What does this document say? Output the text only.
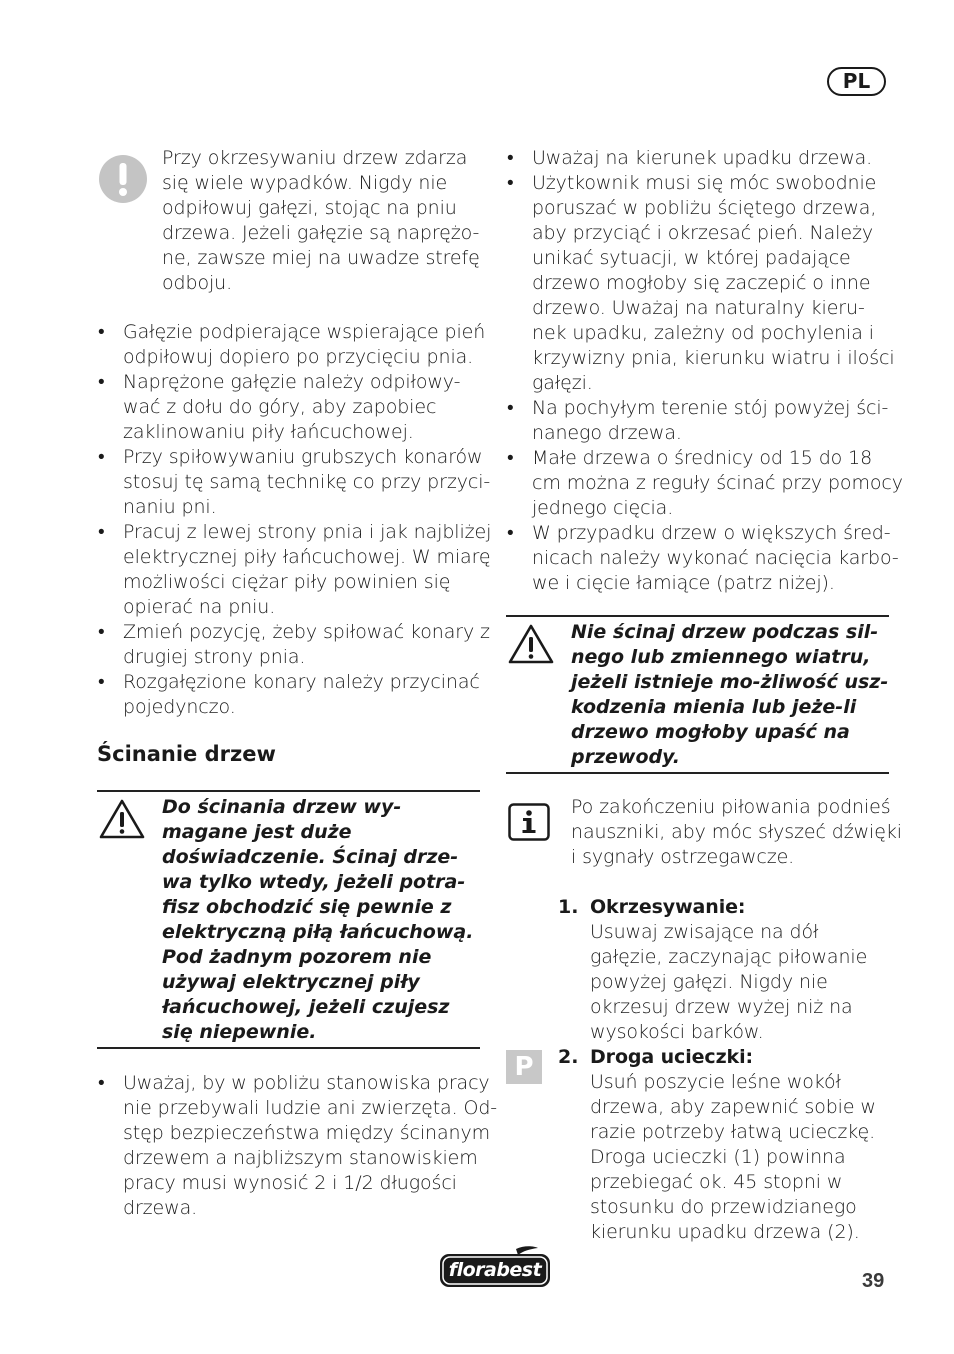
PL
Przy okrzesywaniu drzew zdarza
się wiele wypadków. Nigdy nie
odpiłowuj gałęzi, stojąc na pniu
drzewa. Jeżeli gałęzie są naprężo-
ne, zawsze miej na uwadze strefę
odboju.
• Gałęzie podpierające wspierające pień
odpiłowuj dopiero po przycięciu pnia.
• Naprężone gałęzie należy odpiłowy-
wać z dołu do góry, aby zapobiec
zaklinowaniu piły łańcuchowej.
• Przy spiłowywaniu grubszych konarów
stosuj tę samą technikę co przy przyci-
naniu pni.
• Pracuj z lewej strony pnia i jak najbliżej
elektrycznej piły łańcuchowej. W miarę
możliwości ciężar piły powinien się
opierać na pniu.
• Zmień pozycję, żeby spiłować konary z
drugiej strony pnia.
• Rozgałęzione konary należy przycinać
pojedynczo.
Ścinanie drzew
Do ścinania drzew wy-
magane jest duże
doświadczenie. Ścinaj drze-
wa tylko wtedy, jeżeli potra-
fisz obchodzić się pewnie z
elektryczną piłą łańcuchową.
Pod żadnym pozorem nie
używaj elektrycznej piły
łańcuchowej, jeżeli czujesz
się niepewnie.
• Uważaj, by w pobliżu stanowiska pracy
nie przebywali ludzie ani zwierzęta. Od-
stęp bezpieczeństwa między ścinanym
drzewem a najbliższym stanowiskiem
pracy musi wynosić 2 i 1/2 długości
drzewa.
• Uważaj na kierunek upadku drzewa.
• Użytkownik musi się móc swobodnie
poruszać w pobliżu ściętego drzewa,
aby przyciąć i okrzesać pień. Należy
unikać sytuacji, w której padające
drzewo mogłoby się zaczepić o inne
drzewo. Uważaj na naturalny kieru-
nek upadku, zależny od pochylenia i
krzywizny pnia, kierunku wiatru i ilości
gałęzi.
• Na pochyłym terenie stój powyżej ści-
nanego drzewa.
• Małe drzewa o średnicy od 15 do 18
cm można z reguły ścinać przy pomocy
jednego cięcia.
• W przypadku drzew o większych śred-
nicach należy wykonać nacięcia karbo-
we i cięcie łamiące (patrz niżej).
Nie ścinaj drzew podczas sil-
nego lub zmiennego wiatru,
jeżeli istnieje mo-żliwość usz-
kodzenia mienia lub jeże-li
drzewo mogłoby upaść na
przewody.
Po zakończeniu piłowania podnieś
nauszniki, aby móc słyszeć dźwięki
i sygnały ostrzegawcze.
1. Okrzesywanie:
Usuwaj zwisające na dół
gałęzie, zaczynając piłowanie
powyżej gałęzi. Nigdy nie
okrzesuj drzew wyżej niż na
wysokości barków.
P	2. Droga ucieczki:
Usuń poszycie leśne wokół
drzewa, aby zapewnić sobie w
razie potrzeby łatwą ucieczkę.
Droga ucieczki (1) powinna
przebiegać ok. 45 stopni w
stosunku do przewidzianego
kierunku upadku drzewa (2).
florabest	39
